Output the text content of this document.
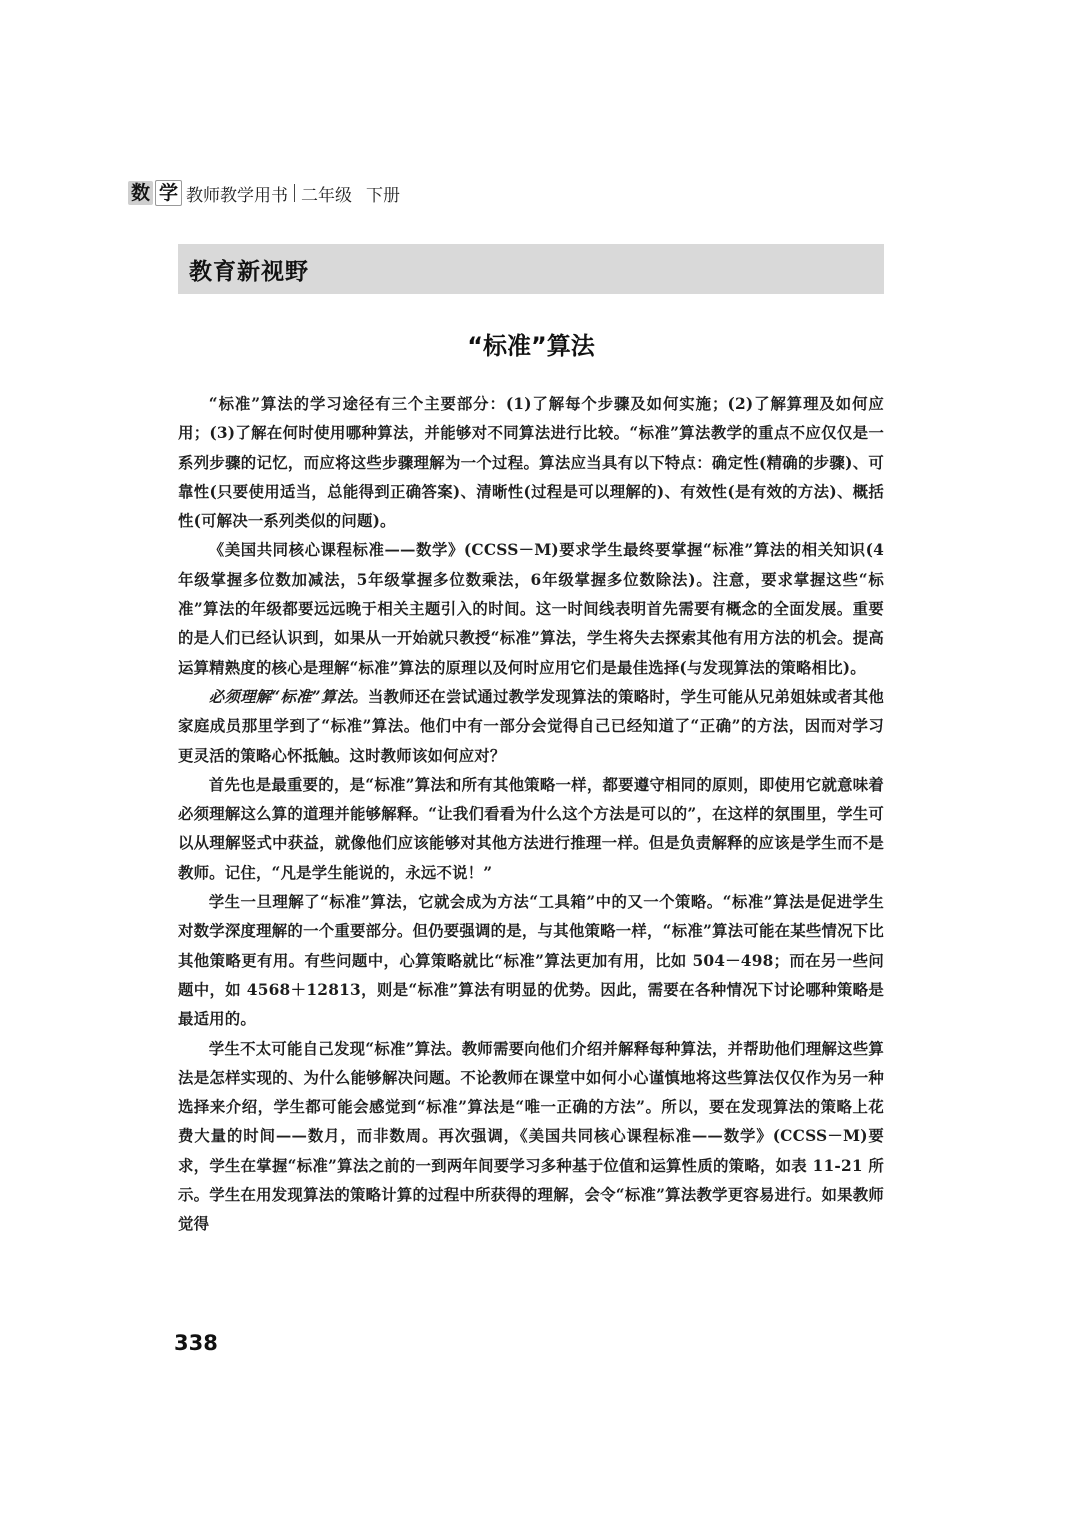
数 学 教师教学用书 二年级 下册
教育新视野
“标准”算法

“标准”算法的学习途径有三个主要部分：(1)了解每个步骤及如何实施；(2)了解算理及如何应用；(3)了解在何时使用哪种算法，并能够对不同算法进行比较。“标准”算法教学的重点不应仅仅是一系列步骤的记忆，而应将这些步骤理解为一个过程。算法应当具有以下特点：确定性(精确的步骤)、可靠性(只要使用适当，总能得到正确答案)、清晰性(过程是可以理解的)、有效性(是有效的方法)、概括性(可解决一系列类似的问题)。

《美国共同核心课程标准——数学》(CCSS－M)要求学生最终要掌握“标准”算法的相关知识(4年级掌握多位数加减法，5年级掌握多位数乘法，6年级掌握多位数除法)。注意，要求掌握这些“标准”算法的年级都要远远晚于相关主题引入的时间。这一时间线表明首先需要有概念的全面发展。重要的是人们已经认识到，如果从一开始就只教授“标准”算法，学生将失去探索其他有用方法的机会。提高运算精熟度的核心是理解“标准”算法的原理以及何时应用它们是最佳选择(与发现算法的策略相比)。

必须理解“标准”算法。当教师还在尝试通过教学发现算法的策略时，学生可能从兄弟姐妹或者其他家庭成员那里学到了“标准”算法。他们中有一部分会觉得自己已经知道了“正确”的方法，因而对学习更灵活的策略心怀抵触。这时教师该如何应对？

首先也是最重要的，是“标准”算法和所有其他策略一样，都要遵守相同的原则，即使用它就意味着必须理解这么算的道理并能够解释。“让我们看看为什么这个方法是可以的”，在这样的氛围里，学生可以从理解竖式中获益，就像他们应该能够对其他方法进行推理一样。但是负责解释的应该是学生而不是教师。记住，“凡是学生能说的，永远不说！”

学生一旦理解了“标准”算法，它就会成为方法“工具箱”中的又一个策略。“标准”算法是促进学生对数学深度理解的一个重要部分。但仍要强调的是，与其他策略一样，“标准”算法可能在某些情况下比其他策略更有用。有些问题中，心算策略就比“标准”算法更加有用，比如 504－498；而在另一些问题中，如 4568＋12813，则是“标准”算法有明显的优势。因此，需要在各种情况下讨论哪种策略是最适用的。

学生不太可能自己发现“标准”算法。教师需要向他们介绍并解释每种算法，并帮助他们理解这些算法是怎样实现的、为什么能够解决问题。不论教师在课堂中如何小心谨慎地将这些算法仅仅作为另一种选择来介绍，学生都可能会感觉到“标准”算法是“唯一正确的方法”。所以，要在发现算法的策略上花费大量的时间——数月，而非数周。再次强调，《美国共同核心课程标准——数学》(CCSS－M)要求，学生在掌握“标准”算法之前的一到两年间要学习多种基于位值和运算性质的策略，如表 11-21 所示。学生在用发现算法的策略计算的过程中所获得的理解，会令“标准”算法教学更容易进行。如果教师觉得

338
